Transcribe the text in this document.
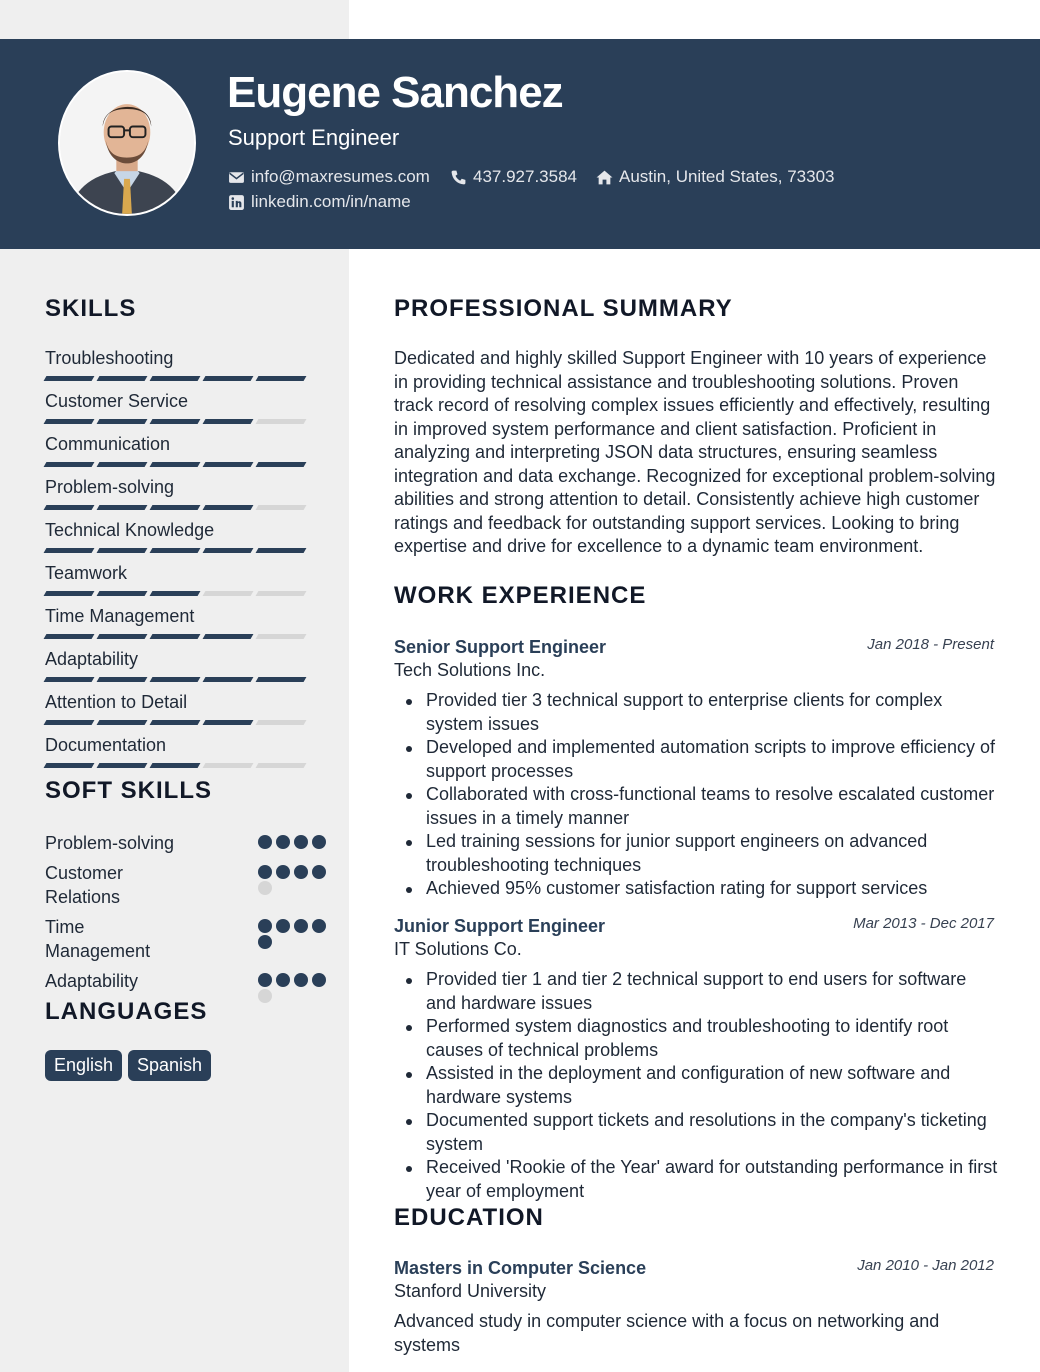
Eugene Sanchez
Support Engineer
info@maxresumes.com	437.927.3584 Austin, United States, 73303
linkedin.com/in/name
SKILLS
Troubleshooting
Customer Service
Communication
Problem-solving
Technical Knowledge
Teamwork
Time Management
Adaptability
Attention to Detail
Documentation
SOFT SKILLS
Problem-solving
Customer Relations
Time Management
Adaptability
LANGUAGES
English	Spanish
PROFESSIONAL SUMMARY
Dedicated and highly skilled Support Engineer with 10 years of experience in providing technical assistance and troubleshooting solutions. Proven track record of resolving complex issues efficiently and effectively, resulting in improved system performance and client satisfaction. Proficient in analyzing and interpreting JSON data structures, ensuring seamless integration and data exchange. Recognized for exceptional problem-solving abilities and strong attention to detail. Consistently achieve high customer ratings and feedback for outstanding support services. Looking to bring expertise and drive for excellence to a dynamic team environment.
WORK EXPERIENCE
Senior Support Engineer	Jan 2018 - Present
Tech Solutions Inc.
Provided tier 3 technical support to enterprise clients for complex system issues
Developed and implemented automation scripts to improve efficiency of support processes
Collaborated with cross-functional teams to resolve escalated customer issues in a timely manner
Led training sessions for junior support engineers on advanced troubleshooting techniques
Achieved 95% customer satisfaction rating for support services
Junior Support Engineer	Mar 2013 - Dec 2017
IT Solutions Co.
Provided tier 1 and tier 2 technical support to end users for software and hardware issues
Performed system diagnostics and troubleshooting to identify root causes of technical problems
Assisted in the deployment and configuration of new software and hardware systems
Documented support tickets and resolutions in the company's ticketing system
Received 'Rookie of the Year' award for outstanding performance in first year of employment
EDUCATION
Masters in Computer Science	Jan 2010 - Jan 2012
Stanford University
Advanced study in computer science with a focus on networking and systems
